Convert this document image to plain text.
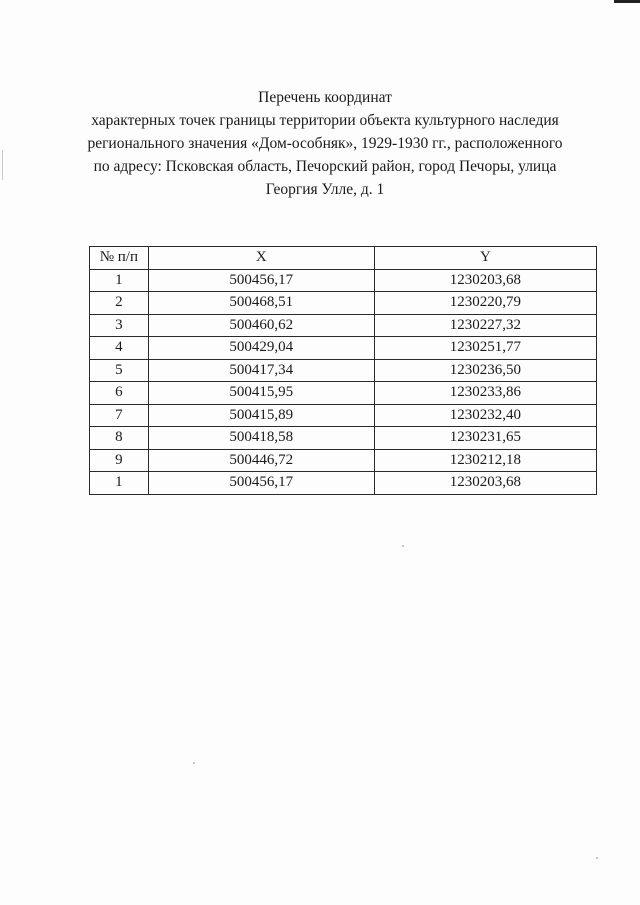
Перечень координат
характерных точек границы территории объекта культурного наследия
регионального значения «Дом-особняк», 1929-1930 гг., расположенного
по адресу: Псковская область, Печорский район, город Печоры, улица
Георгия Улле, д. 1
№ п/п	X	Y
1	500456,17	1230203,68
2	500468,51	1230220,79
3	500460,62	1230227,32
4	500429,04	1230251,77
5	500417,34	1230236,50
6	500415,95	1230233,86
7	500415,89	1230232,40
8	500418,58	1230231,65
9	500446,72	1230212,18
1	500456,17	1230203,68
